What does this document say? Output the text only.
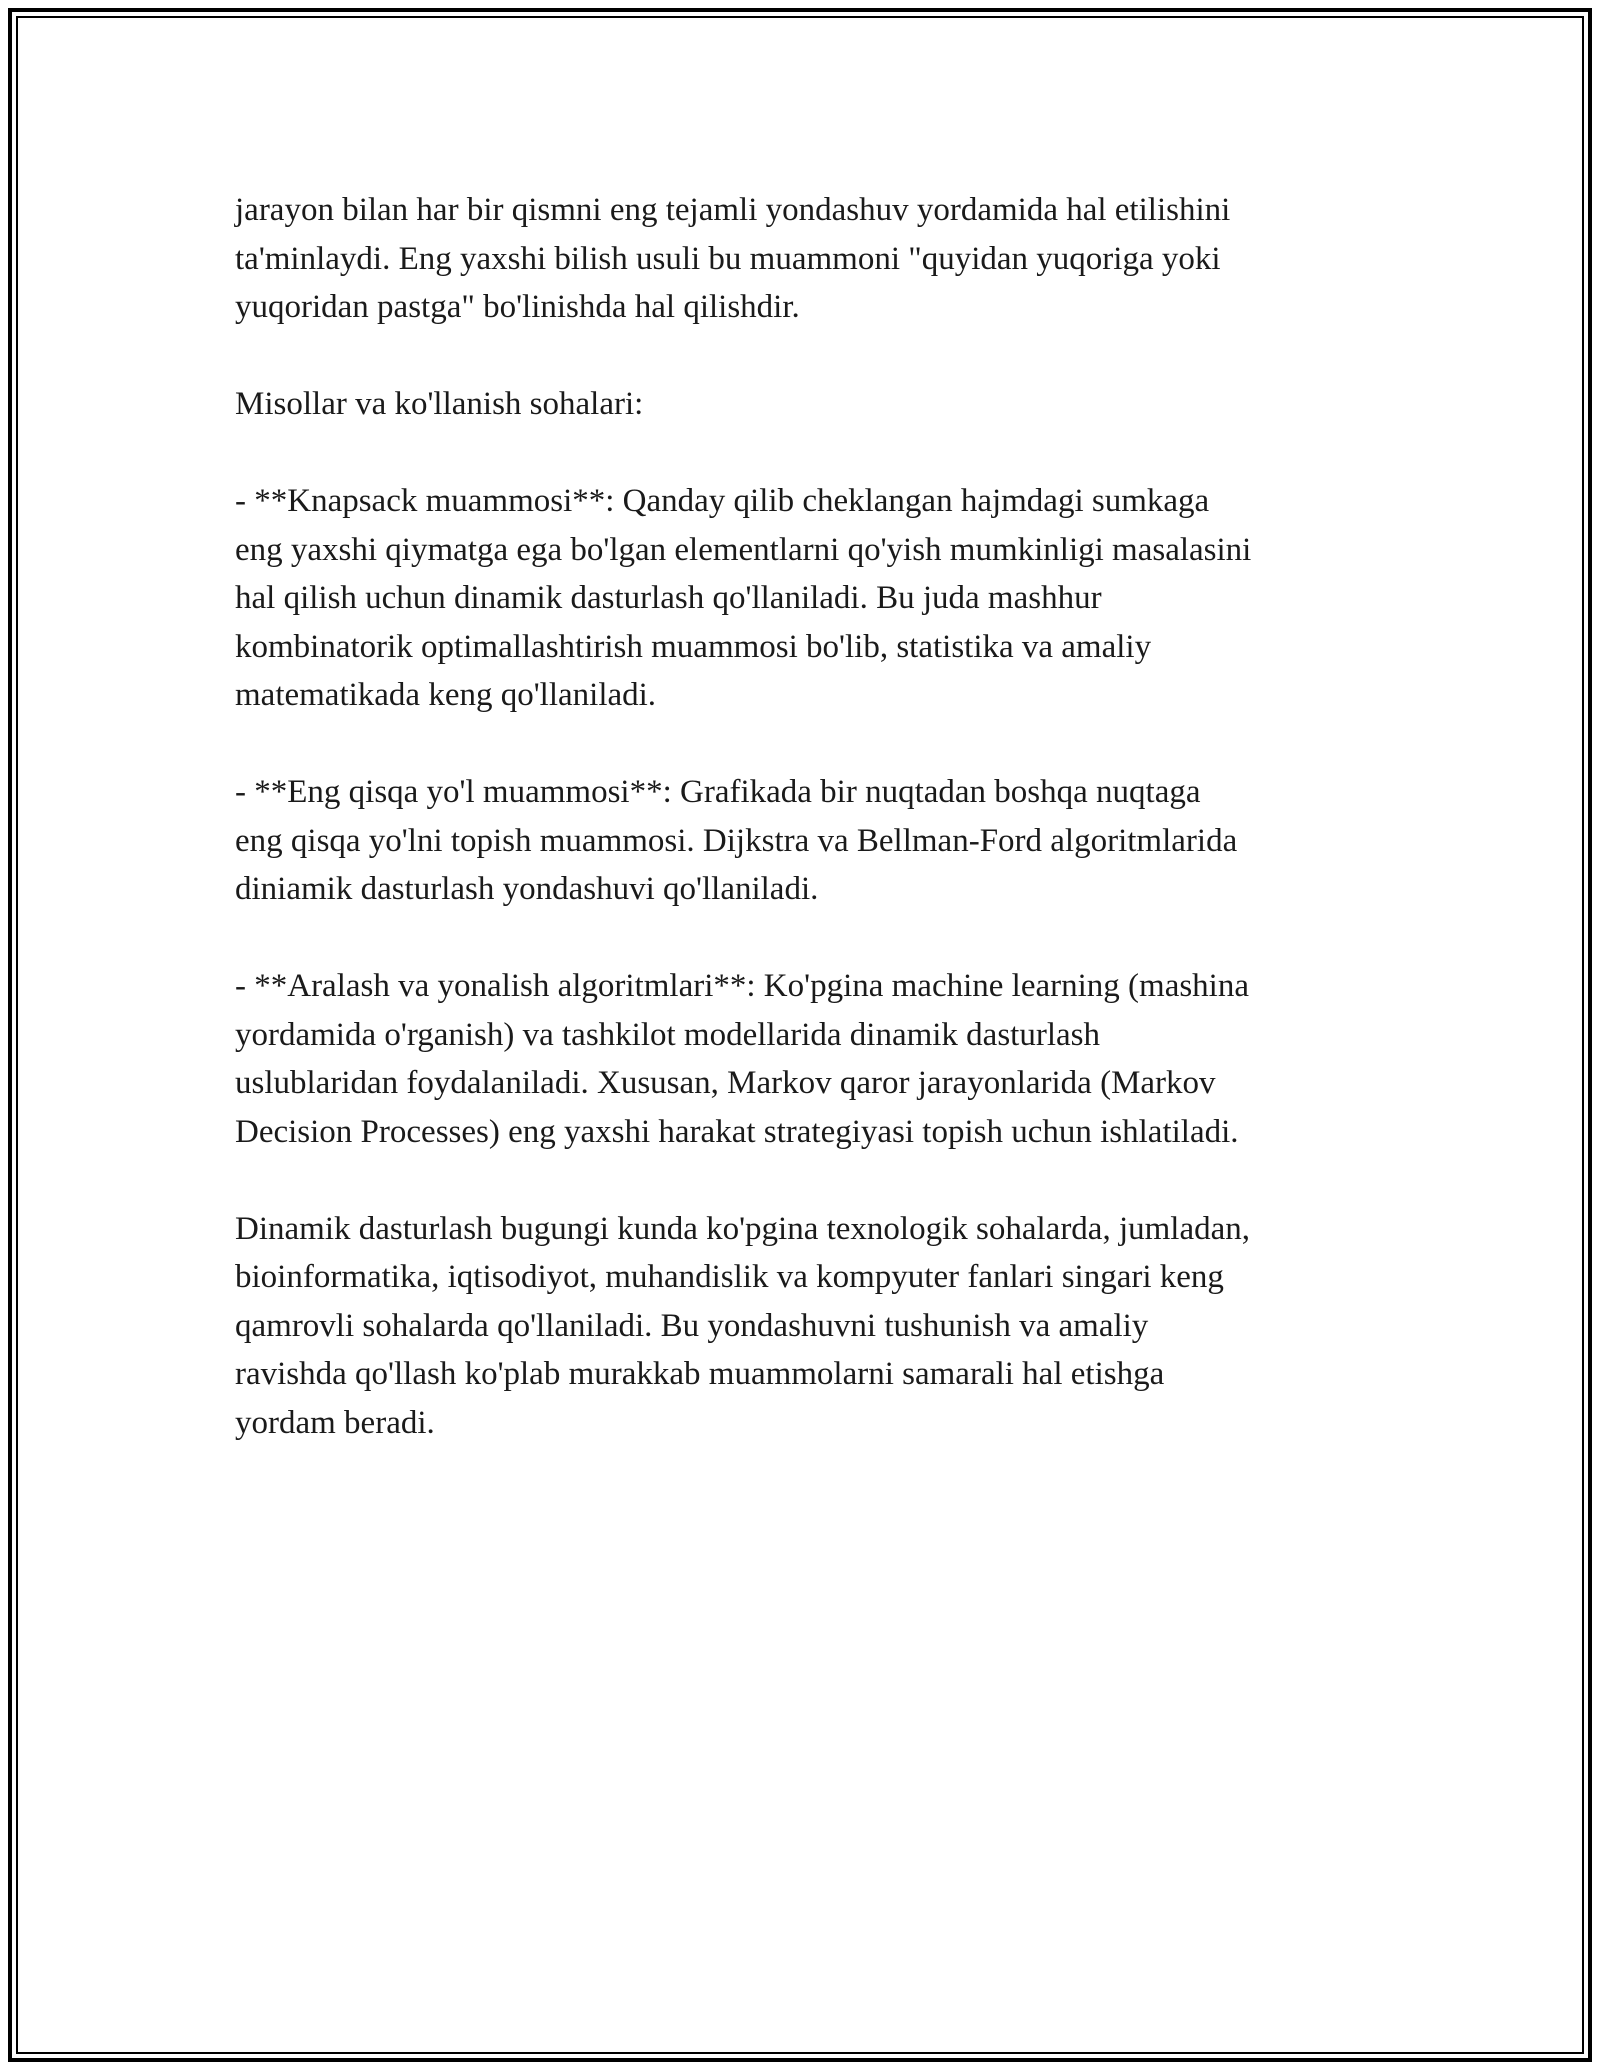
jarayon bilan har bir qismni eng tejamli yondashuv yordamida hal etilishini
ta'minlaydi. Eng yaxshi bilish usuli bu muammoni "quyidan yuqoriga yoki
yuqoridan pastga" bo'linishda hal qilishdir.

Misollar va ko'llanish sohalari:

- **Knapsack muammosi**: Qanday qilib cheklangan hajmdagi sumkaga
eng yaxshi qiymatga ega bo'lgan elementlarni qo'yish mumkinligi masalasini
hal qilish uchun dinamik dasturlash qo'llaniladi. Bu juda mashhur
kombinatorik optimallashtirish muammosi bo'lib, statistika va amaliy
matematikada keng qo'llaniladi.

- **Eng qisqa yo'l muammosi**: Grafikada bir nuqtadan boshqa nuqtaga
eng qisqa yo'lni topish muammosi. Dijkstra va Bellman-Ford algoritmlarida
diniamik dasturlash yondashuvi qo'llaniladi.

- **Aralash va yonalish algoritmlari**: Ko'pgina machine learning (mashina
yordamida o'rganish) va tashkilot modellarida dinamik dasturlash
uslublaridan foydalaniladi. Xususan, Markov qaror jarayonlarida (Markov
Decision Processes) eng yaxshi harakat strategiyasi topish uchun ishlatiladi.

Dinamik dasturlash bugungi kunda ko'pgina texnologik sohalarda, jumladan,
bioinformatika, iqtisodiyot, muhandislik va kompyuter fanlari singari keng
qamrovli sohalarda qo'llaniladi. Bu yondashuvni tushunish va amaliy
ravishda qo'llash ko'plab murakkab muammolarni samarali hal etishga
yordam beradi.
